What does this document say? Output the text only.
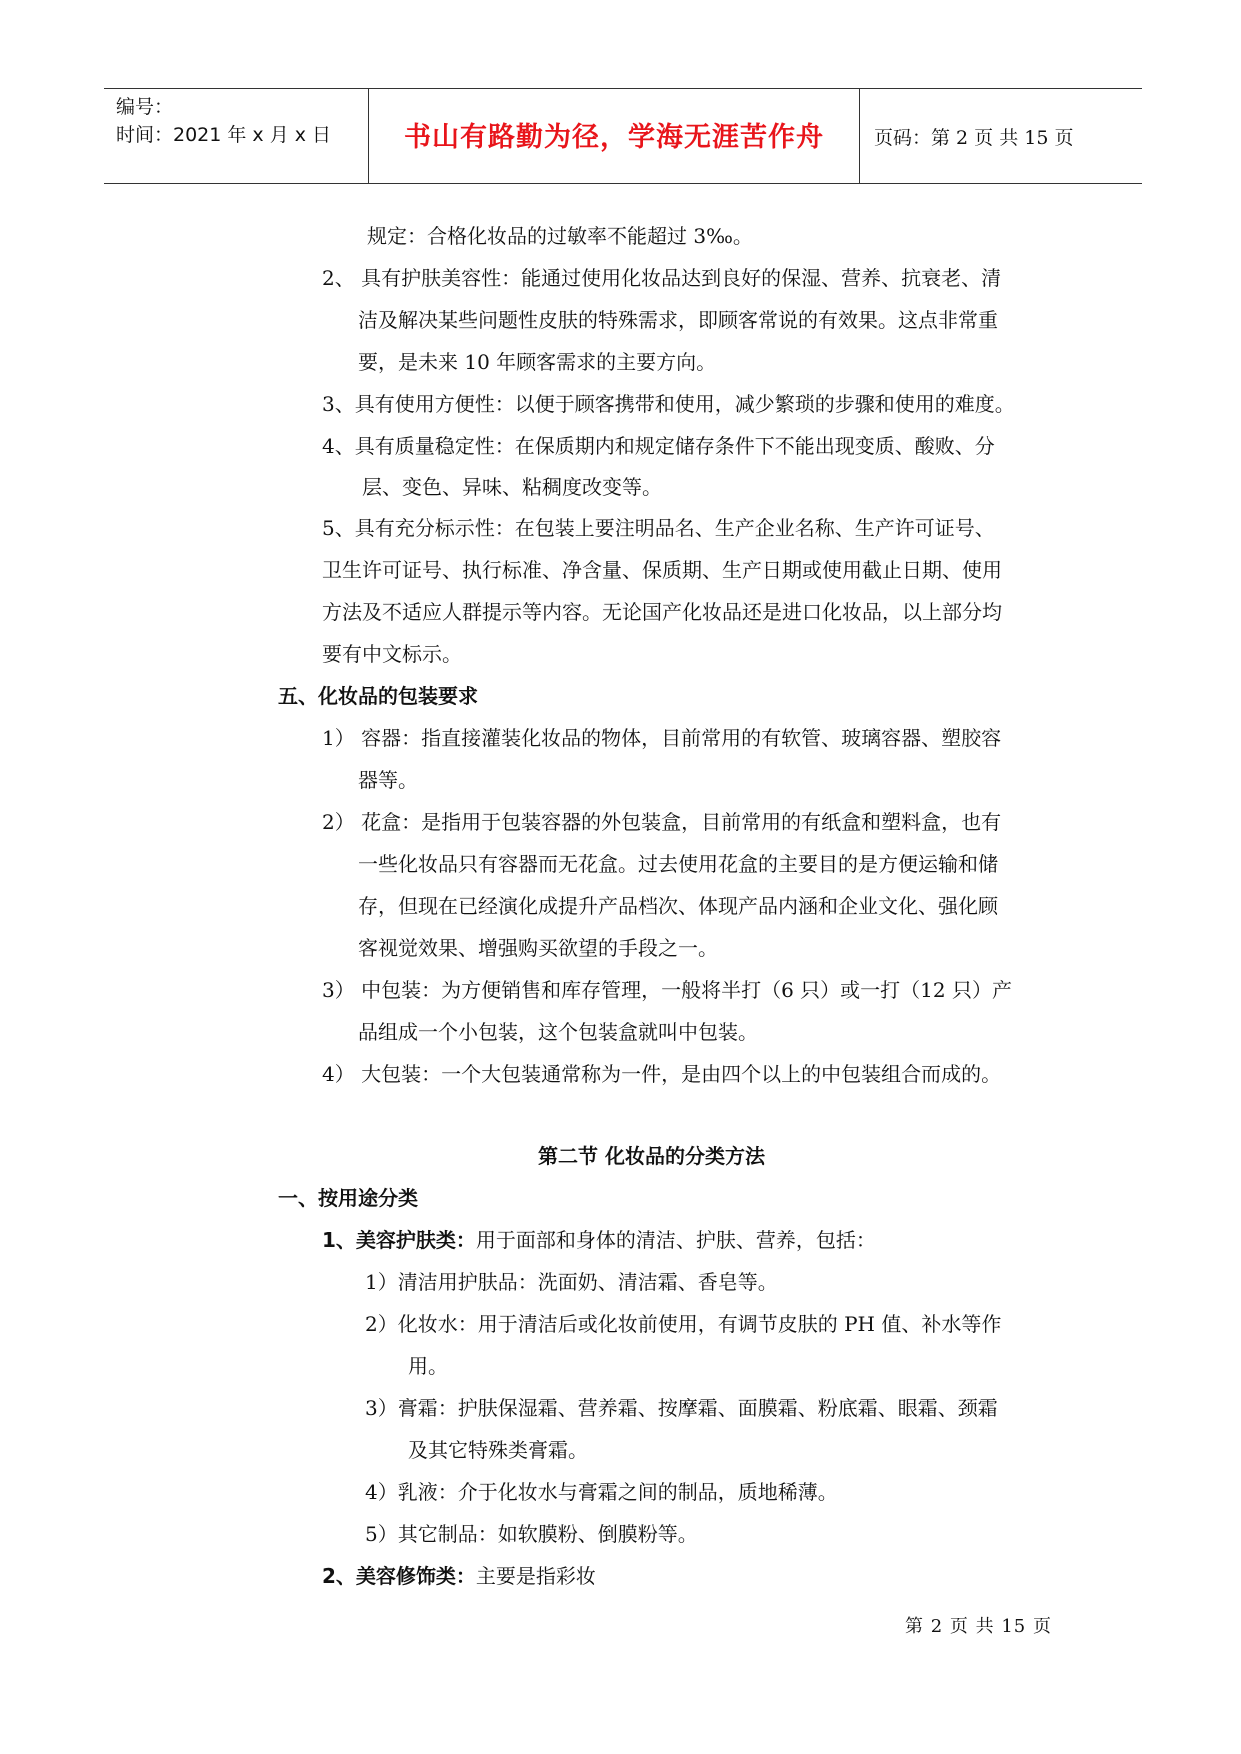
编号：
时间：2021 年 x 月 x 日	书山有路勤为径，学海无涯苦作舟	页码：第 2 页 共 15 页
规定：合格化妆品的过敏率不能超过 3‰。
2、 具有护肤美容性：能通过使用化妆品达到良好的保湿、营养、抗衰老、清
洁及解决某些问题性皮肤的特殊需求，即顾客常说的有效果。这点非常重
要，是未来 10 年顾客需求的主要方向。
3、具有使用方便性：以便于顾客携带和使用，减少繁琐的步骤和使用的难度。
4、具有质量稳定性：在保质期内和规定储存条件下不能出现变质、酸败、分
层、变色、异味、粘稠度改变等。
5、具有充分标示性：在包装上要注明品名、生产企业名称、生产许可证号、
卫生许可证号、执行标准、净含量、保质期、生产日期或使用截止日期、使用
方法及不适应人群提示等内容。无论国产化妆品还是进口化妆品，以上部分均
要有中文标示。
五、化妆品的包装要求
1） 容器：指直接灌装化妆品的物体，目前常用的有软管、玻璃容器、塑胶容
器等。
2） 花盒：是指用于包装容器的外包装盒，目前常用的有纸盒和塑料盒，也有
一些化妆品只有容器而无花盒。过去使用花盒的主要目的是方便运输和储
存，但现在已经演化成提升产品档次、体现产品内涵和企业文化、强化顾
客视觉效果、增强购买欲望的手段之一。
3） 中包装：为方便销售和库存管理，一般将半打（6 只）或一打（12 只）产
品组成一个小包装，这个包装盒就叫中包装。
4） 大包装：一个大包装通常称为一件，是由四个以上的中包装组合而成的。
第二节 化妆品的分类方法
一、按用途分类
1、美容护肤类：用于面部和身体的清洁、护肤、营养，包括：
1）清洁用护肤品：洗面奶、清洁霜、香皂等。
2）化妆水：用于清洁后或化妆前使用，有调节皮肤的 PH 值、补水等作
用。
3）膏霜：护肤保湿霜、营养霜、按摩霜、面膜霜、粉底霜、眼霜、颈霜
及其它特殊类膏霜。
4）乳液：介于化妆水与膏霜之间的制品，质地稀薄。
5）其它制品：如软膜粉、倒膜粉等。
2、美容修饰类：主要是指彩妆
第 2 页 共 15 页
